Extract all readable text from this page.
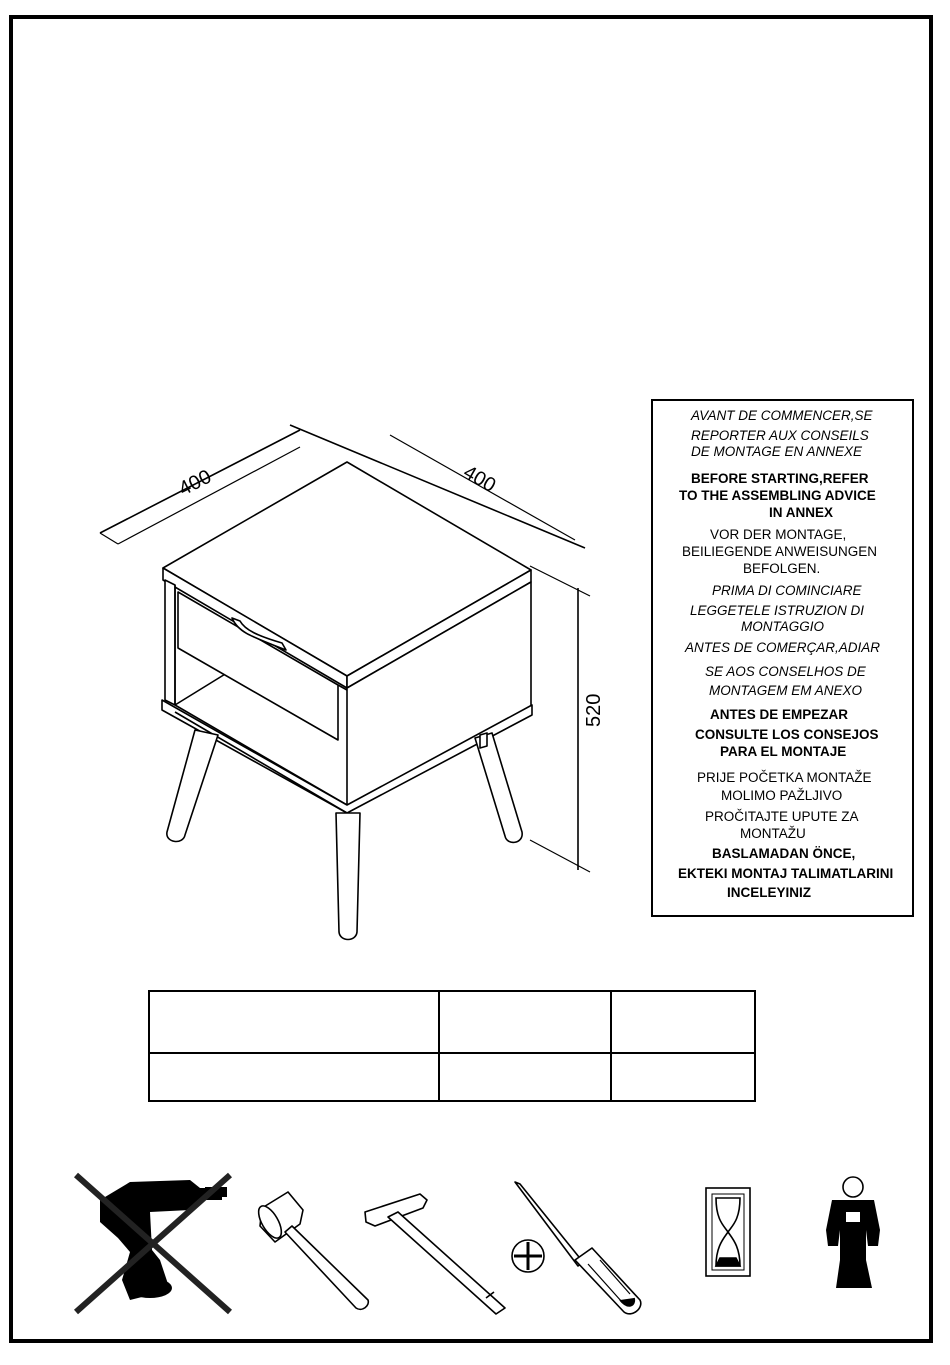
400	400
520
AVANT DE COMMENCER,SE
REPORTER AUX CONSEILS
DE MONTAGE EN ANNEXE
BEFORE STARTING,REFER
TO THE ASSEMBLING ADVICE
IN ANNEX
VOR DER MONTAGE,
BEILIEGENDE ANWEISUNGEN
BEFOLGEN.
PRIMA DI COMINCIARE
LEGGETELE ISTRUZION DI
MONTAGGIO
ANTES DE COMERÇAR,ADIAR
SE AOS CONSELHOS DE
MONTAGEM EM ANEXO
ANTES DE EMPEZAR
CONSULTE LOS CONSEJOS
PARA EL MONTAJE
PRIJE POČETKA MONTAŽE
MOLIMO PAŽLJIVO
PROČITAJTE UPUTE ZA
MONTAŽU
BASLAMADAN ÖNCE,
EKTEKI MONTAJ TALIMATLARINI
INCELEYINIZ
